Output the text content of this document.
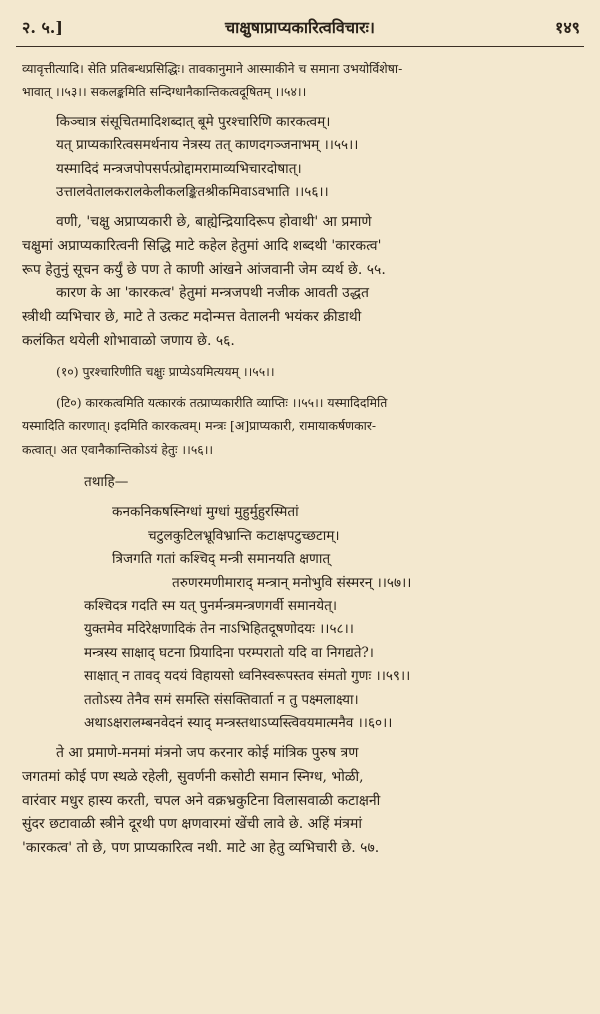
२. ५.]	चाक्षुषाप्राप्यकारित्वविचारः।	१४९
व्यावृत्तीत्यादि। सेति प्रतिबन्धप्रसिद्धिः। तावकानुमाने आस्माकीने च समाना उभयोर्विशेषा-
भावात् ।।५३।। सकलङ्कमिति सन्दिग्धानैकान्तिकत्वदूषितम् ।।५४।।
किञ्चात्र संसूचितमादिशब्दात् बूमे पुरश्चारिणि कारकत्वम्।
यत् प्राप्यकारित्वसमर्थनाय नेत्रस्य तत् काणदगञ्जनाभम् ।।५५।।
यस्मादिदं मन्त्रजपोपसर्पत्प्रोद्दामरामाव्यभिचारदोषात्।
उत्तालवेतालकरालकेलीकलङ्कितश्रीकमिवाऽवभाति ।।५६।।
वणी, 'चक्षु अप्राप्यकारी छे, बाह्येन्द्रियादिरूप होवाथी' आ प्रमाणे
चक्षुमां अप्राप्यकारित्वनी सिद्धि माटे कहेल हेतुमां आदि शब्दथी 'कारकत्व'
रूप हेतुनुं सूचन कर्युं छे पण ते काणी आंखने आंजवानी जेम व्यर्थ छे. ५५.
कारण के आ 'कारकत्व' हेतुमां मन्त्रजपथी नजीक आवती उद्धत
स्त्रीथी व्यभिचार छे, माटे ते उत्कट मदोन्मत्त वेतालनी भयंकर क्रीडाथी
कलंकित थयेली शोभावाळो जणाय छे. ५६.
(१०) पुरश्चारिणीति चक्षुः प्राप्येऽयमित्ययम् ।।५५।।
(टि०) कारकत्वमिति यत्कारकं तत्प्राप्यकारीति व्याप्तिः ।।५५।। यस्मादिदमिति
यस्मादिति कारणात्। इदमिति कारकत्वम्। मन्त्रः [अ]प्राप्यकारी, रामायाकर्षणकार-
कत्वात्। अत एवानैकान्तिकोऽयं हेतुः ।।५६।।
तथाहि—
कनकनिकषस्निग्धां मुग्धां मुहुर्मुहुरस्मितां
चटुलकुटिलभ्रूविभ्रान्ति कटाक्षपटुच्छटाम्।
त्रिजगति गतां कश्चिद् मन्त्री समानयति क्षणात्
तरुणरमणीमाराद् मन्त्रान् मनोभुवि संस्मरन् ।।५७।।
कश्चिदत्र गदति स्म यत् पुनर्मन्त्रमन्त्रणगर्वी समानयेत्।
युक्तमेव मदिरेक्षणादिकं तेन नाऽभिहितदूषणोदयः ।।५८।।
मन्त्रस्य साक्षाद् घटना प्रियादिना परम्परातो यदि वा निगद्यते?।
साक्षात् न तावद् यदयं विहायसो ध्वनिस्वरूपस्तव संमतो गुणः ।।५९।।
ततोऽस्य तेनैव समं समस्ति संसक्तिवार्ता न तु पक्ष्मलाक्ष्या।
अथाऽक्षरालम्बनवेदनं स्याद् मन्त्रस्तथाऽप्यस्त्विवयमात्मनैव ।।६०।।
ते आ प्रमाणे-मनमां मंत्रनो जप करनार कोई मांत्रिक पुरुष त्रण
जगतमां कोई पण स्थळे रहेली, सुवर्णनी कसोटी समान स्निग्ध, भोळी,
वारंवार मधुर हास्य करती, चपल अने वक्रभ्रकुटिना विलासवाळी कटाक्षनी
सुंदर छटावाळी स्त्रीने दूरथी पण क्षणवारमां खेंची लावे छे. अहिं मंत्रमां
'कारकत्व' तो छे, पण प्राप्यकारित्व नथी. माटे आ हेतु व्यभिचारी छे. ५७.
